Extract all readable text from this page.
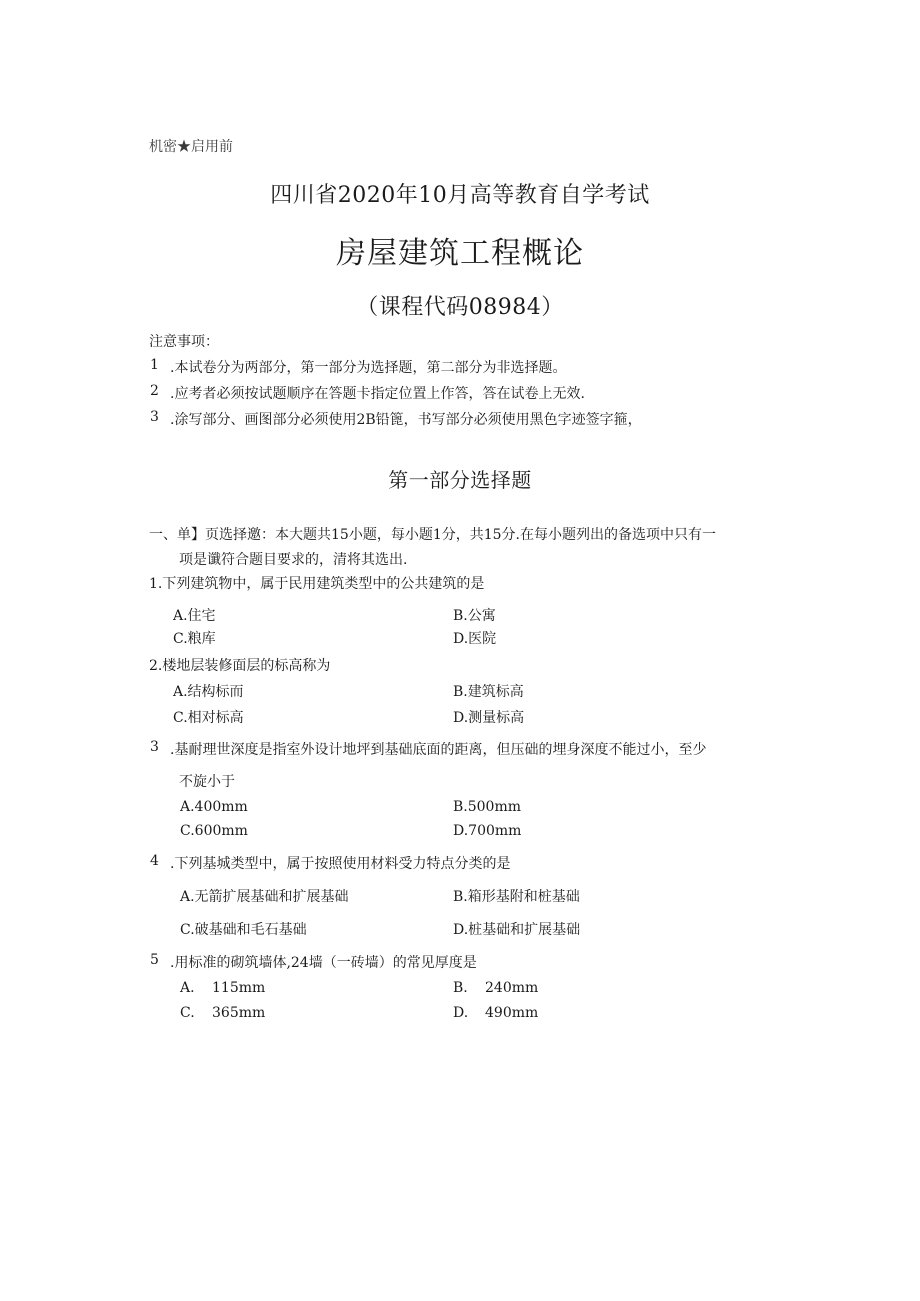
机密★启用前
四川省2020年10月高等教育自学考试
房屋建筑工程概论
（课程代码08984）
注意事项：
1 .本试卷分为两部分，第一部分为选择题，第二部分为非选择题。
2 .应考者必须按试题顺序在答题卡指定位置上作答，答在试卷上无效.
3 .涂写部分、画图部分必须使用2B铅篦，书写部分必须使用黑色字迹签字箍，
第一部分选择题
一、单】页选择邀：本大题共15小题，每小题1分，共15分.在每小题列出的备选项中只有一
项是谶符合题目要求的，清将其选出.
1.下列建筑物中，属于民用建筑类型中的公共建筑的是
A.住宅	B.公寓
C.粮库	D.医院
2.楼地层装修面层的标高称为
A.结构标而	B.建筑标高
C.相对标高	D.测量标高
3 .基耐理世深度是指室外设计地坪到基础底面的距离，但压础的埋身深度不能过小，至少
不旋小于
A.400mm	B.500mm
C.600mm	D.700mm
4 .下列基城类型中，属于按照使用材料受力特点分类的是
A.无箭扩展基础和扩展基础	B.箱形基附和桩基础
C.破基础和毛石基础	D.桩基础和扩展基础
5 .用标准的砌筑墙体,24墙（一砖墙）的常见厚度是
A. 115mm	B. 240mm
C. 365mm	D. 490mm
